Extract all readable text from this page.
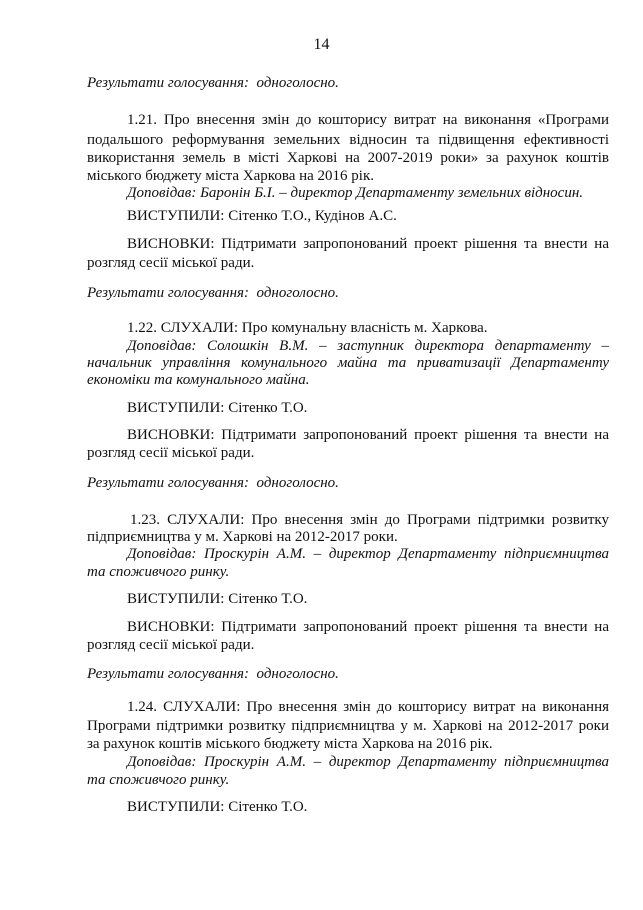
14
Результати голосування: одноголосно.
1.21. Про внесення змін до кошторису витрат на виконання «Програми
подальшого реформування земельних відносин та підвищення ефективності
використання земель в місті Харкові на 2007-2019 роки» за рахунок коштів
міського бюджету міста Харкова на 2016 рік.
Доповідав: Баронін Б.І. – директор Департаменту земельних відносин.
ВИСТУПИЛИ: Сітенко Т.О., Кудінов А.С.
ВИСНОВКИ: Підтримати запропонований проект рішення та внести на
розгляд сесії міської ради.
Результати голосування: одноголосно.
1.22. СЛУХАЛИ: Про комунальну власність м. Харкова.
Доповідав: Солошкін В.М. – заступник директора департаменту –
начальник управління комунального майна та приватизації Департаменту
економіки та комунального майна.
ВИСТУПИЛИ: Сітенко Т.О.
ВИСНОВКИ: Підтримати запропонований проект рішення та внести на
розгляд сесії міської ради.
Результати голосування: одноголосно.
1.23. СЛУХАЛИ: Про внесення змін до Програми підтримки розвитку
підприємництва у м. Харкові на 2012-2017 роки.
Доповідав: Проскурін А.М. – директор Департаменту підприємництва
та споживчого ринку.
ВИСТУПИЛИ: Сітенко Т.О.
ВИСНОВКИ: Підтримати запропонований проект рішення та внести на
розгляд сесії міської ради.
Результати голосування: одноголосно.
1.24. СЛУХАЛИ: Про внесення змін до кошторису витрат на виконання
Програми підтримки розвитку підприємництва у м. Харкові на 2012-2017 роки
за рахунок коштів міського бюджету міста Харкова на 2016 рік.
Доповідав: Проскурін А.М. – директор Департаменту підприємництва
та споживчого ринку.
ВИСТУПИЛИ: Сітенко Т.О.
